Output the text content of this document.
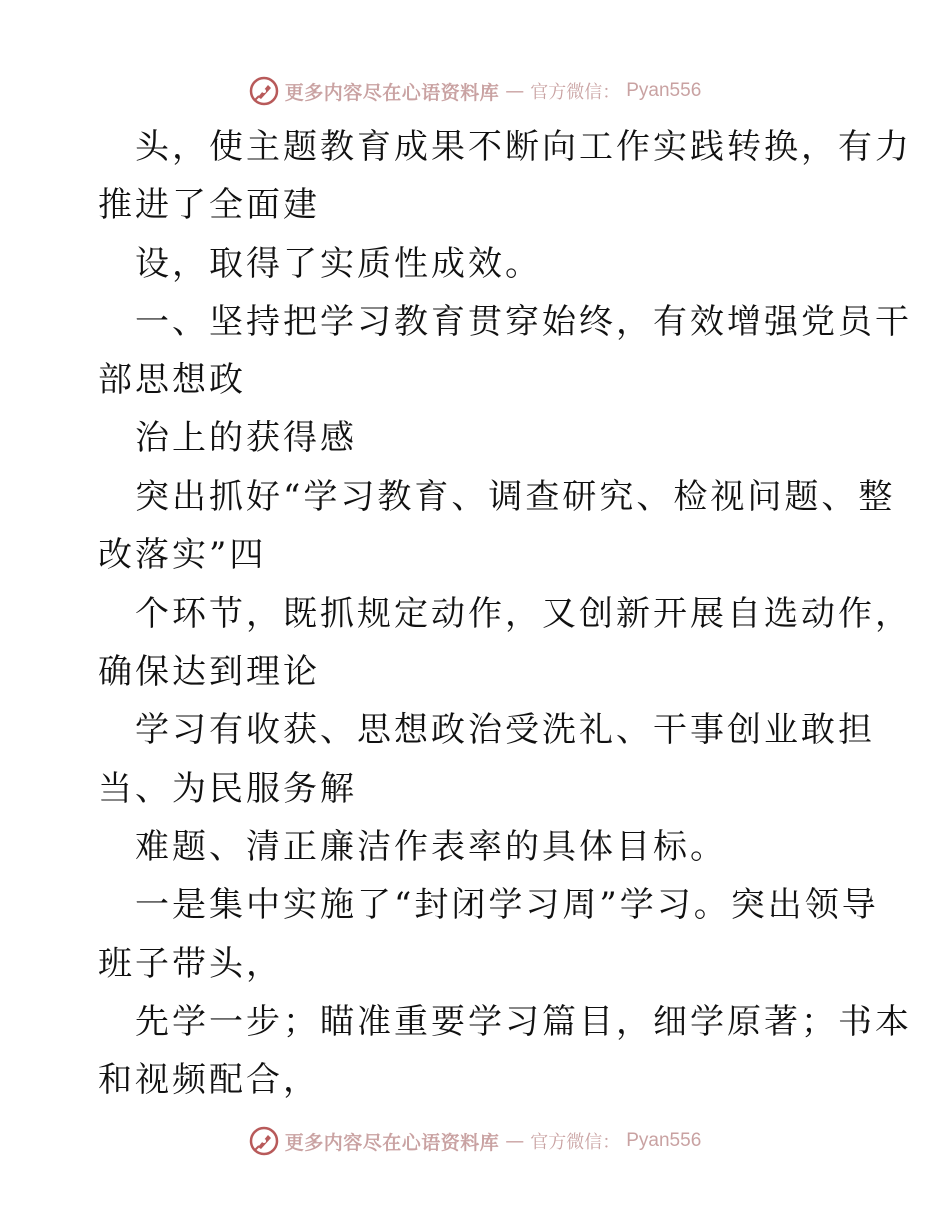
更多内容尽在心语资料库 — 官方微信： Pyan556
头，使主题教育成果不断向工作实践转换，有力
推进了全面建
设，取得了实质性成效。
一、坚持把学习教育贯穿始终，有效增强党员干
部思想政
治上的获得感
突出抓好“学习教育、调查研究、检视问题、整
改落实”四
个环节，既抓规定动作，又创新开展自选动作，
确保达到理论
学习有收获、思想政治受洗礼、干事创业敢担
当、为民服务解
难题、清正廉洁作表率的具体目标。
一是集中实施了“封闭学习周”学习。突出领导
班子带头，
先学一步；瞄准重要学习篇目，细学原著；书本
和视频配合，
更多内容尽在心语资料库 — 官方微信： Pyan556
